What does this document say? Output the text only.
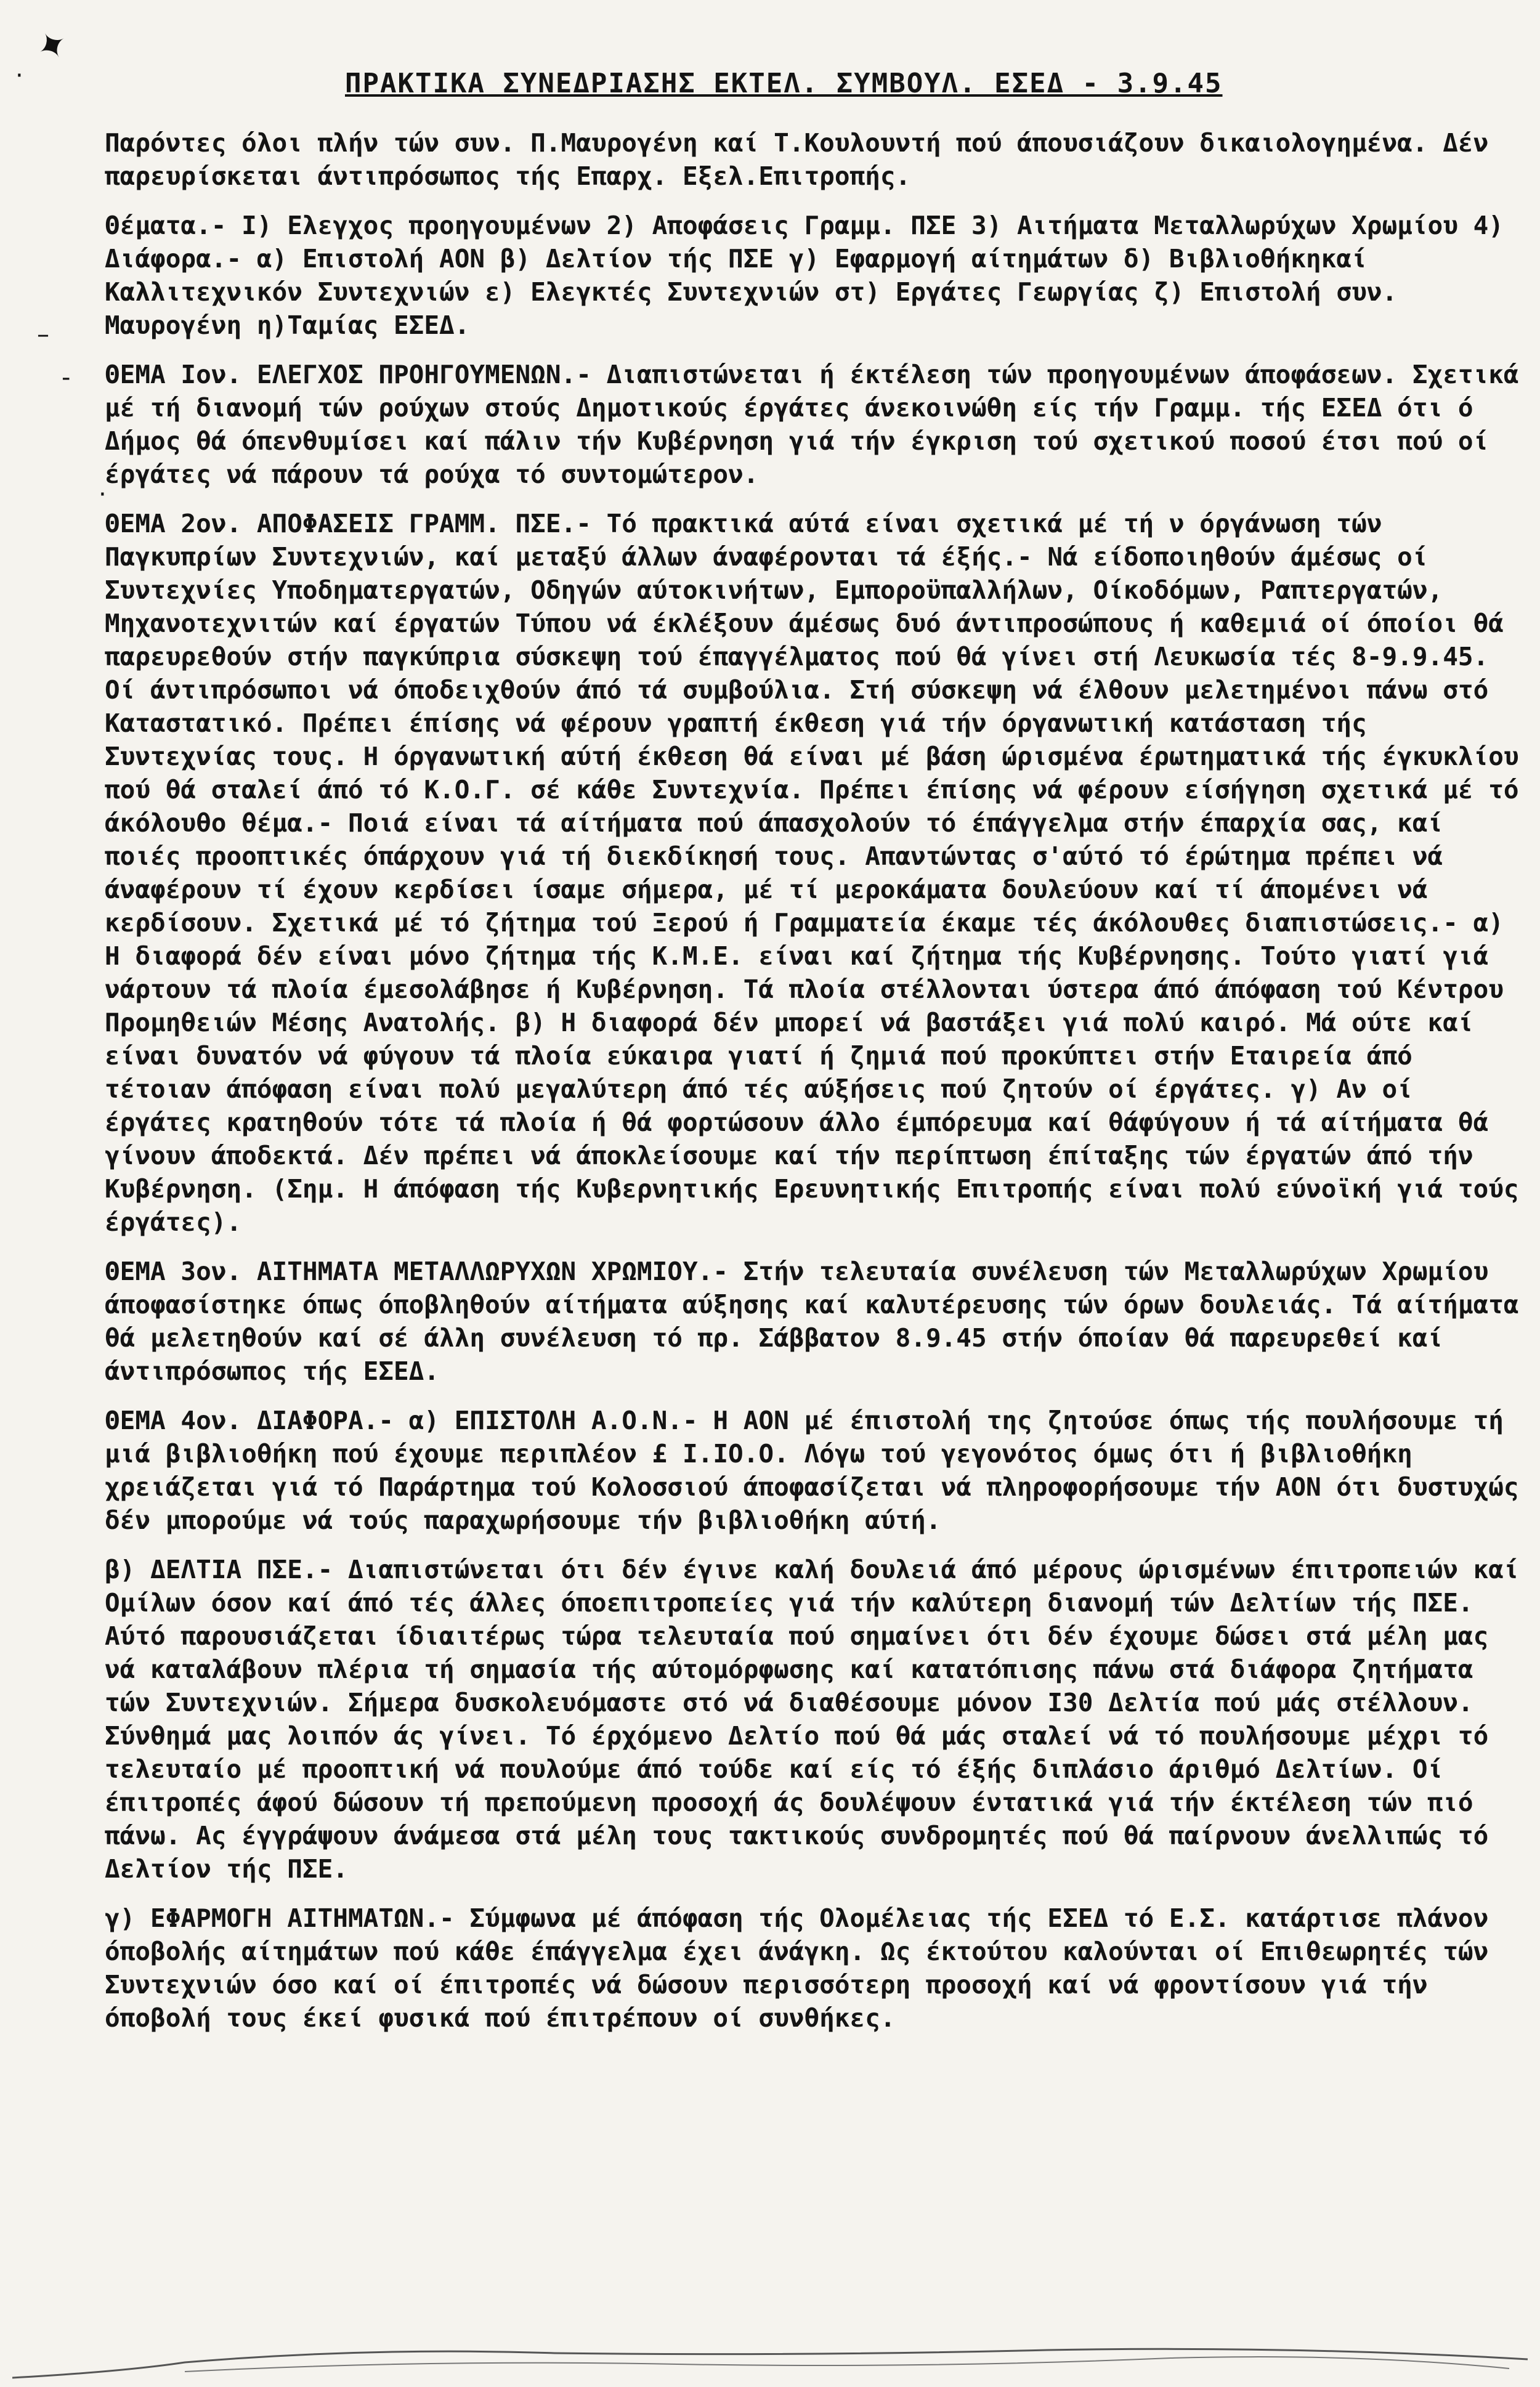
✦
·
–
-
·
ΠΡΑΚΤΙΚΑ ΣΥΝΕΔΡΙΑΣΗΣ ΕΚΤΕΛ. ΣΥΜΒΟΥΛ. ΕΣΕΔ - 3.9.45

Παρόντες όλοι πλήν τών συν. Π.Μαυρογένη καί Τ.Κουλουντή πού άπουσιάζουν δικαιολογημένα. Δέν παρευρίσκεται άντιπρόσωπος τής Επαρχ. Εξελ.Επιτροπής.

Θέματα.- Ι) Ελεγχος προηγουμένων 2) Αποφάσεις Γραμμ. ΠΣΕ 3) Αιτήματα Μεταλλωρύχων Χρωμίου 4) Διάφορα.- α) Επιστολή ΑΟΝ β) Δελτίον τής ΠΣΕ γ) Εφαρμογή αίτημάτων δ) Βιβλιοθήκηκαί Καλλιτεχνικόν Συντεχνιών ε) Ελεγκτές Συντεχνιών στ) Εργάτες Γεωργίας ζ) Επιστολή συν. Μαυρογένη η)Ταμίας ΕΣΕΔ.

ΘΕΜΑ Ιον. ΕΛΕΓΧΟΣ ΠΡΟΗΓΟΥΜΕΝΩΝ.- Διαπιστώνεται ή έκτέλεση τών προηγουμένων άποφάσεων. Σχετικά μέ τή διανομή τών ρούχων στούς Δημοτικούς έργάτες άνεκοινώθη είς τήν Γραμμ. τής ΕΣΕΔ ότι ό Δήμος θά όπενθυμίσει καί πάλιν τήν Κυβέρνηση γιά τήν έγκριση τού σχετικού ποσού έτσι πού οί έργάτες νά πάρουν τά ρούχα τό συντομώτερον.

ΘΕΜΑ 2ον. ΑΠΟΦΑΣΕΙΣ ΓΡΑΜΜ. ΠΣΕ.- Τό πρακτικά αύτά είναι σχετικά μέ τή ν όργάνωση τών Παγκυπρίων Συντεχνιών, καί μεταξύ άλλων άναφέρονται τά έξής.- Νά είδοποιηθούν άμέσως οί Συντεχνίες Υποδηματεργατών, Οδηγών αύτοκινήτων, Εμποροϋπαλλήλων, Οίκοδόμων, Ραπτεργατών, Μηχανοτεχνιτών καί έργατών Τύπου νά έκλέξουν άμέσως δυό άντιπροσώπους ή καθεμιά οί όποίοι θά παρευρεθούν στήν παγκύπρια σύσκεψη τού έπαγγέλματος πού θά γίνει στή Λευκωσία τές 8-9.9.45. Οί άντιπρόσωποι νά όποδειχθούν άπό τά συμβούλια. Στή σύσκεψη νά έλθουν μελετημένοι πάνω στό Καταστατικό. Πρέπει έπίσης νά φέρουν γραπτή έκθεση γιά τήν όργανωτική κατάσταση τής Συντεχνίας τους. Η όργανωτική αύτή έκθεση θά είναι μέ βάση ώρισμένα έρωτηματικά τής έγκυκλίου πού θά σταλεί άπό τό Κ.Ο.Γ. σέ κάθε Συντεχνία. Πρέπει έπίσης νά φέρουν είσήγηση σχετικά μέ τό άκόλουθο θέμα.- Ποιά είναι τά αίτήματα πού άπασχολούν τό έπάγγελμα στήν έπαρχία σας, καί ποιές προοπτικές όπάρχουν γιά τή διεκδίκησή τους. Απαντώντας σ'αύτό τό έρώτημα πρέπει νά άναφέρουν τί έχουν κερδίσει ίσαμε σήμερα, μέ τί μεροκάματα δουλεύουν καί τί άπομένει νά κερδίσουν. Σχετικά μέ τό ζήτημα τού Ξερού ή Γραμματεία έκαμε τές άκόλουθες διαπιστώσεις.- α) Η διαφορά δέν είναι μόνο ζήτημα τής Κ.Μ.Ε. είναι καί ζήτημα τής Κυβέρνησης. Τούτο γιατί γιά νάρτουν τά πλοία έμεσολάβησε ή Κυβέρνηση. Τά πλοία στέλλονται ύστερα άπό άπόφαση τού Κέντρου Προμηθειών Μέσης Ανατολής. β) Η διαφορά δέν μπορεί νά βαστάξει γιά πολύ καιρό. Μά ούτε καί είναι δυνατόν νά φύγουν τά πλοία εύκαιρα γιατί ή ζημιά πού προκύπτει στήν Εταιρεία άπό τέτοιαν άπόφαση είναι πολύ μεγαλύτερη άπό τές αύξήσεις πού ζητούν οί έργάτες. γ) Αν οί έργάτες κρατηθούν τότε τά πλοία ή θά φορτώσουν άλλο έμπόρευμα καί θάφύγουν ή τά αίτήματα θά γίνουν άποδεκτά. Δέν πρέπει νά άποκλείσουμε καί τήν περίπτωση έπίταξης τών έργατών άπό τήν Κυβέρνηση. (Σημ. Η άπόφαση τής Κυβερνητικής Ερευνητικής Επιτροπής είναι πολύ εύνοϊκή γιά τούς έργάτες).

ΘΕΜΑ 3ον. ΑΙΤΗΜΑΤΑ ΜΕΤΑΛΛΩΡΥΧΩΝ ΧΡΩΜΙΟΥ.- Στήν τελευταία συνέλευση τών Μεταλλωρύχων Χρωμίου άποφασίστηκε όπως όποβληθούν αίτήματα αύξησης καί καλυτέρευσης τών όρων δουλειάς. Τά αίτήματα θά μελετηθούν καί σέ άλλη συνέλευση τό πρ. Σάββατον 8.9.45 στήν όποίαν θά παρευρεθεί καί άντιπρόσωπος τής ΕΣΕΔ.

ΘΕΜΑ 4ον. ΔΙΑΦΟΡΑ.- α) ΕΠΙΣΤΟΛΗ Α.Ο.Ν.- Η ΑΟΝ μέ έπιστολή της ζητούσε όπως τής πουλήσουμε τή μιά βιβλιοθήκη πού έχουμε περιπλέον £ Ι.ΙΟ.Ο. Λόγω τού γεγονότος όμως ότι ή βιβλιοθήκη χρειάζεται γιά τό Παράρτημα τού Κολοσσιού άποφασίζεται νά πληροφορήσουμε τήν ΑΟΝ ότι δυστυχώς δέν μπορούμε νά τούς παραχωρήσουμε τήν βιβλιοθήκη αύτή.

β) ΔΕΛΤΙΑ ΠΣΕ.- Διαπιστώνεται ότι δέν έγινε καλή δουλειά άπό μέρους ώρισμένων έπιτροπειών καί Ομίλων όσον καί άπό τές άλλες όποεπιτροπείες γιά τήν καλύτερη διανομή τών Δελτίων τής ΠΣΕ. Αύτό παρουσιάζεται ίδιαιτέρως τώρα τελευταία πού σημαίνει ότι δέν έχουμε δώσει στά μέλη μας νά καταλάβουν πλέρια τή σημασία τής αύτομόρφωσης καί κατατόπισης πάνω στά διάφορα ζητήματα τών Συντεχνιών. Σήμερα δυσκολευόμαστε στό νά διαθέσουμε μόνον Ι30 Δελτία πού μάς στέλλουν. Σύνθημά μας λοιπόν άς γίνει. Τό έρχόμενο Δελτίο πού θά μάς σταλεί νά τό πουλήσουμε μέχρι τό τελευταίο μέ προοπτική νά πουλούμε άπό τούδε καί είς τό έξής διπλάσιο άριθμό Δελτίων. Οί έπιτροπές άφού δώσουν τή πρεπούμενη προσοχή άς δουλέψουν έντατικά γιά τήν έκτέλεση τών πιό πάνω. Ας έγγράψουν άνάμεσα στά μέλη τους τακτικούς συνδρομητές πού θά παίρνουν άνελλιπώς τό Δελτίον τής ΠΣΕ.

γ) ΕΦΑΡΜΟΓΗ ΑΙΤΗΜΑΤΩΝ.- Σύμφωνα μέ άπόφαση τής Ολομέλειας τής ΕΣΕΔ τό Ε.Σ. κατάρτισε πλάνον όποβολής αίτημάτων πού κάθε έπάγγελμα έχει άνάγκη. Ως έκτούτου καλούνται οί Επιθεωρητές τών Συντεχνιών όσο καί οί έπιτροπές νά δώσουν περισσότερη προσοχή καί νά φροντίσουν γιά τήν όποβολή τους έκεί φυσικά πού έπιτρέπουν οί συνθήκες.
